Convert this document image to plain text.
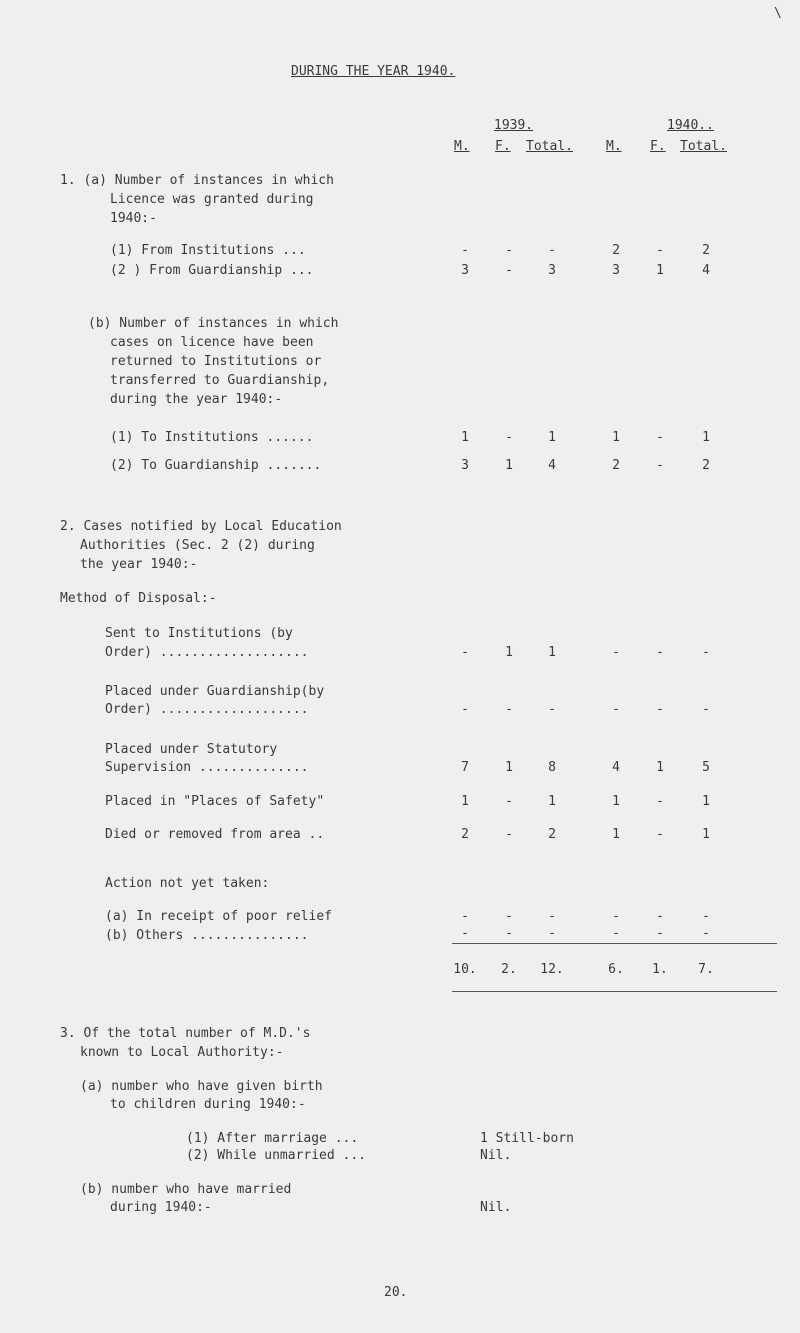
DURING THE YEAR 1940.
\
1939.	1940..
M. F. Total.	M. F. Total.
1. (a) Number of instances in which
Licence was granted during
1940:-
(1) From Institutions ...	-	-	-	2	-	2
(2 ) From Guardianship ...	3	-	3	3	1	4
(b) Number of instances in which
cases on licence have been
returned to Institutions or
transferred to Guardianship,
during the year 1940:-
(1) To Institutions ......	1	-	1	1	-	1
(2) To Guardianship .......	3	1	4	2	-	2
2. Cases notified by Local Education
Authorities (Sec. 2 (2) during
the year 1940:-
Method of Disposal:-
Sent to Institutions (by
Order) ...................	-	1	1	-	-	-
Placed under Guardianship(by
Order) ...................	-	-	-	-	-	-
Placed under Statutory
Supervision ..............	7	1	8	4	1	5
Placed in "Places of Safety"	1	-	1	1	-	1
Died or removed from area ..	2	-	2	1	-	1
Action not yet taken:
(a) In receipt of poor relief	-	-	-	-	-	-
(b) Others ...............	-	-	-	-	-	-
10.	2.	12.	6.	1.	7.
3. Of the total number of M.D.'s
known to Local Authority:-
(a) number who have given birth
to children during 1940:-
(1) After marriage ...	1 Still-born
(2) While unmarried ...	Nil.
(b) number who have married
during 1940:-	Nil.
20.
